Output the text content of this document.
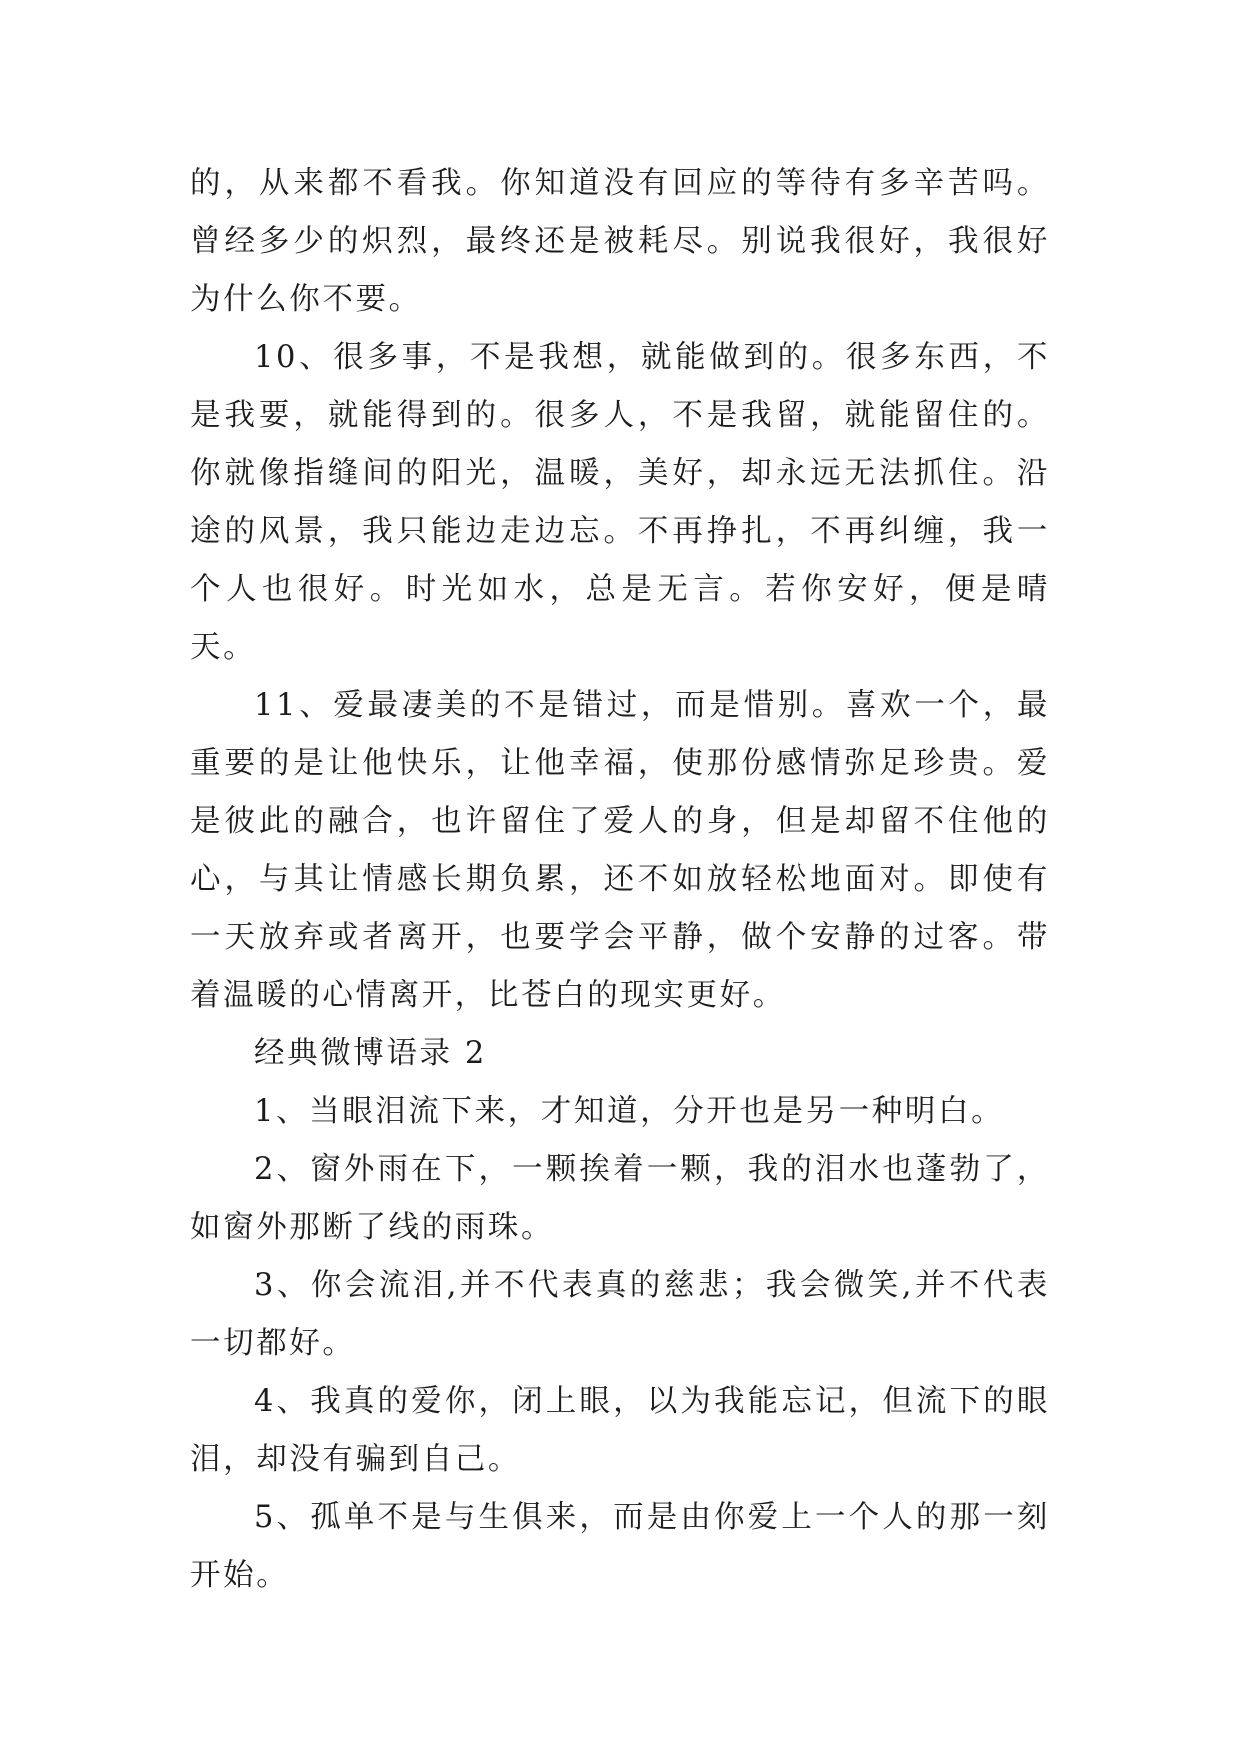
的，从来都不看我。你知道没有回应的等待有多辛苦吗。曾经多少的炽烈，最终还是被耗尽。别说我很好，我很好为什么你不要。

10、很多事，不是我想，就能做到的。很多东西，不是我要，就能得到的。很多人，不是我留，就能留住的。你就像指缝间的阳光，温暖，美好，却永远无法抓住。沿途的风景，我只能边走边忘。不再挣扎，不再纠缠，我一个人也很好。时光如水，总是无言。若你安好，便是晴天。

11、爱最凄美的不是错过，而是惜别。喜欢一个，最重要的是让他快乐，让他幸福，使那份感情弥足珍贵。爱是彼此的融合，也许留住了爱人的身，但是却留不住他的心，与其让情感长期负累，还不如放轻松地面对。即使有一天放弃或者离开，也要学会平静，做个安静的过客。带着温暖的心情离开，比苍白的现实更好。

经典微博语录 2

1、当眼泪流下来，才知道，分开也是另一种明白。

2、窗外雨在下，一颗挨着一颗，我的泪水也蓬勃了，如窗外那断了线的雨珠。

3、你会流泪,并不代表真的慈悲；我会微笑,并不代表一切都好。

4、我真的爱你，闭上眼，以为我能忘记，但流下的眼泪，却没有骗到自己。

5、孤单不是与生俱来，而是由你爱上一个人的那一刻开始。
